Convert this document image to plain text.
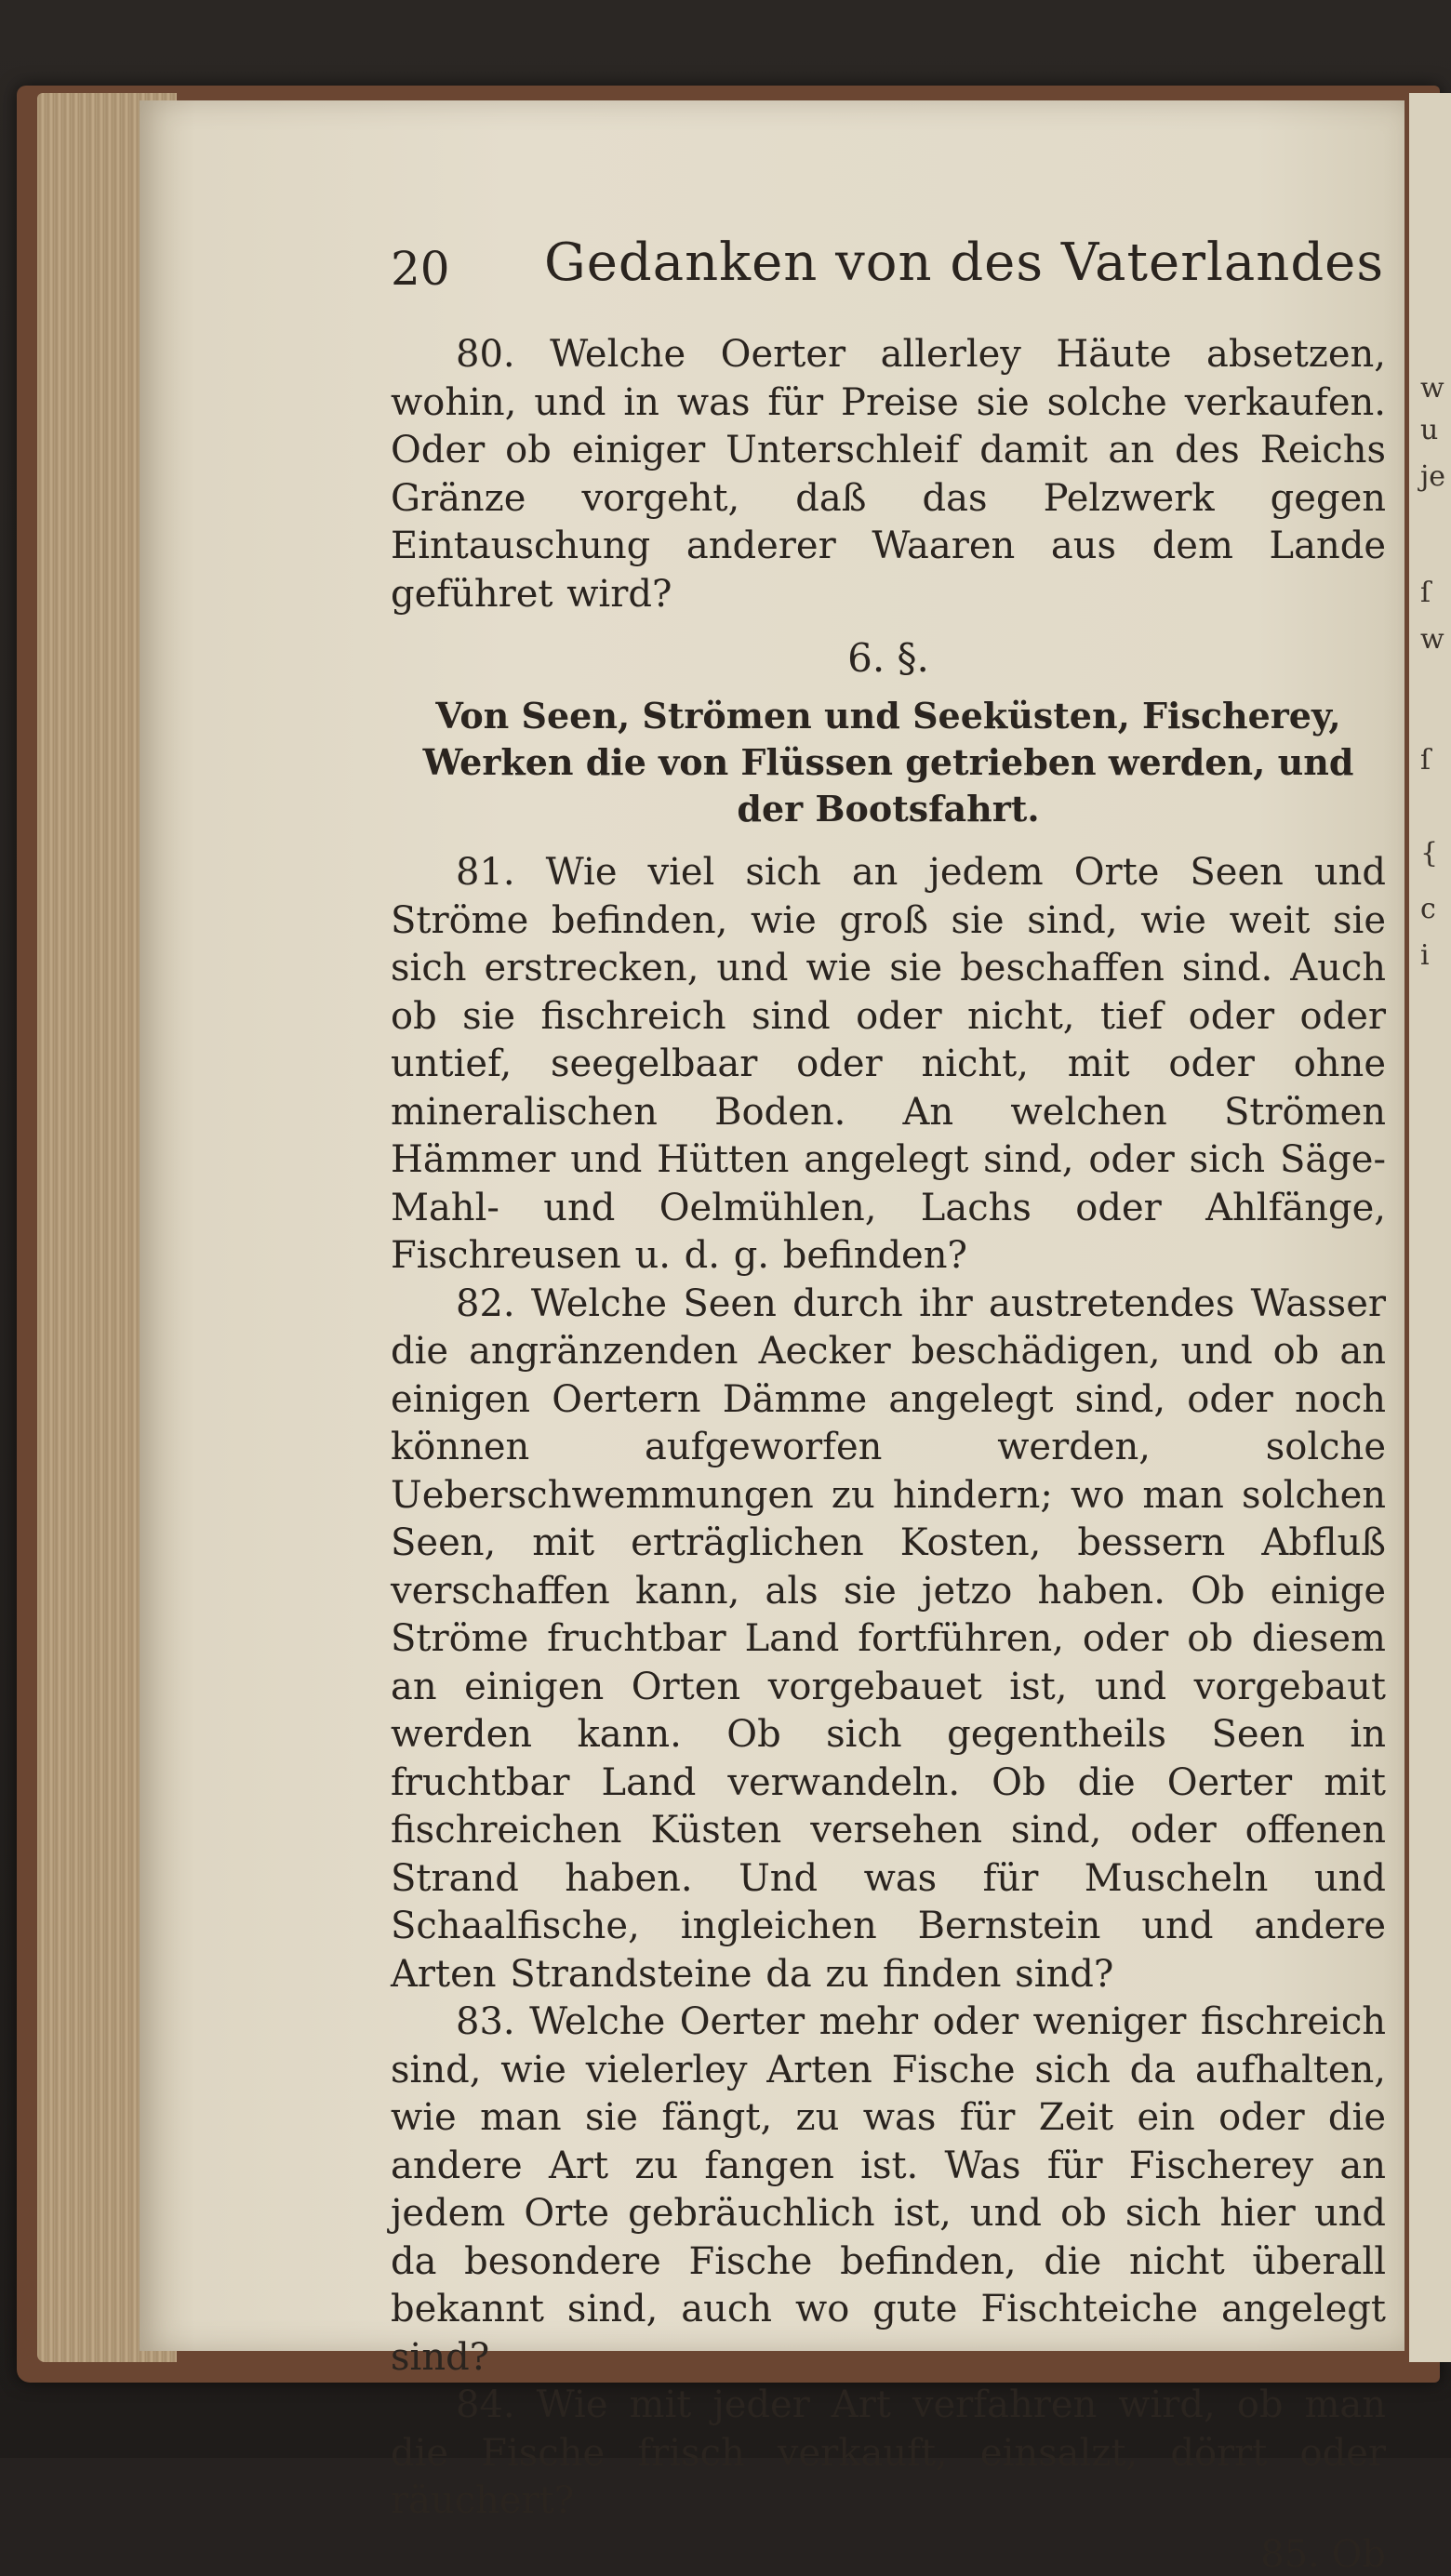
w
u
je
ſ
w
ſ
{
c
i
20 Gedanken von des Vaterlandes

80. Welche Oerter allerley Häute absetzen, wohin, und in was für Preise sie solche verkaufen. Oder ob einiger Unterschleif damit an des Reichs Gränze vorgeht, daß das Pelzwerk gegen Eintauschung anderer Waaren aus dem Lande geführet wird?

6. §.
Von Seen, Strömen und Seeküsten, Fischerey, Werken die von Flüssen getrieben werden, und der Bootsfahrt.

81. Wie viel sich an jedem Orte Seen und Ströme befinden, wie groß sie sind, wie weit sie sich erstrecken, und wie sie beschaffen sind. Auch ob sie fischreich sind oder nicht, tief oder oder untief, seegelbaar oder nicht, mit oder ohne mineralischen Boden. An welchen Strömen Hämmer und Hütten angelegt sind, oder sich Säge- Mahl- und Oelmühlen, Lachs oder Ahlfänge, Fischreusen u. d. g. befinden?

82. Welche Seen durch ihr austretendes Wasser die angränzenden Aecker beschädigen, und ob an einigen Oertern Dämme angelegt sind, oder noch können aufgeworfen werden, solche Ueberschwemmungen zu hindern; wo man solchen Seen, mit erträglichen Kosten, bessern Abfluß verschaffen kann, als sie jetzo haben. Ob einige Ströme fruchtbar Land fortführen, oder ob diesem an einigen Orten vorgebauet ist, und vorgebaut werden kann. Ob sich gegentheils Seen in fruchtbar Land verwandeln. Ob die Oerter mit fischreichen Küsten versehen sind, oder offenen Strand haben. Und was für Muscheln und Schaalfische, ingleichen Bernstein und andere Arten Strandsteine da zu finden sind?

83. Welche Oerter mehr oder weniger fischreich sind, wie vielerley Arten Fische sich da aufhalten, wie man sie fängt, zu was für Zeit ein oder die andere Art zu fangen ist. Was für Fischerey an jedem Orte gebräuchlich ist, und ob sich hier und da besondere Fische befinden, die nicht überall bekannt sind, auch wo gute Fischteiche angelegt sind?

84. Wie mit jeder Art verfahren wird, ob man die Fische frisch verkauft, einsalzt, dörrt oder räuchert?

85. Ob
